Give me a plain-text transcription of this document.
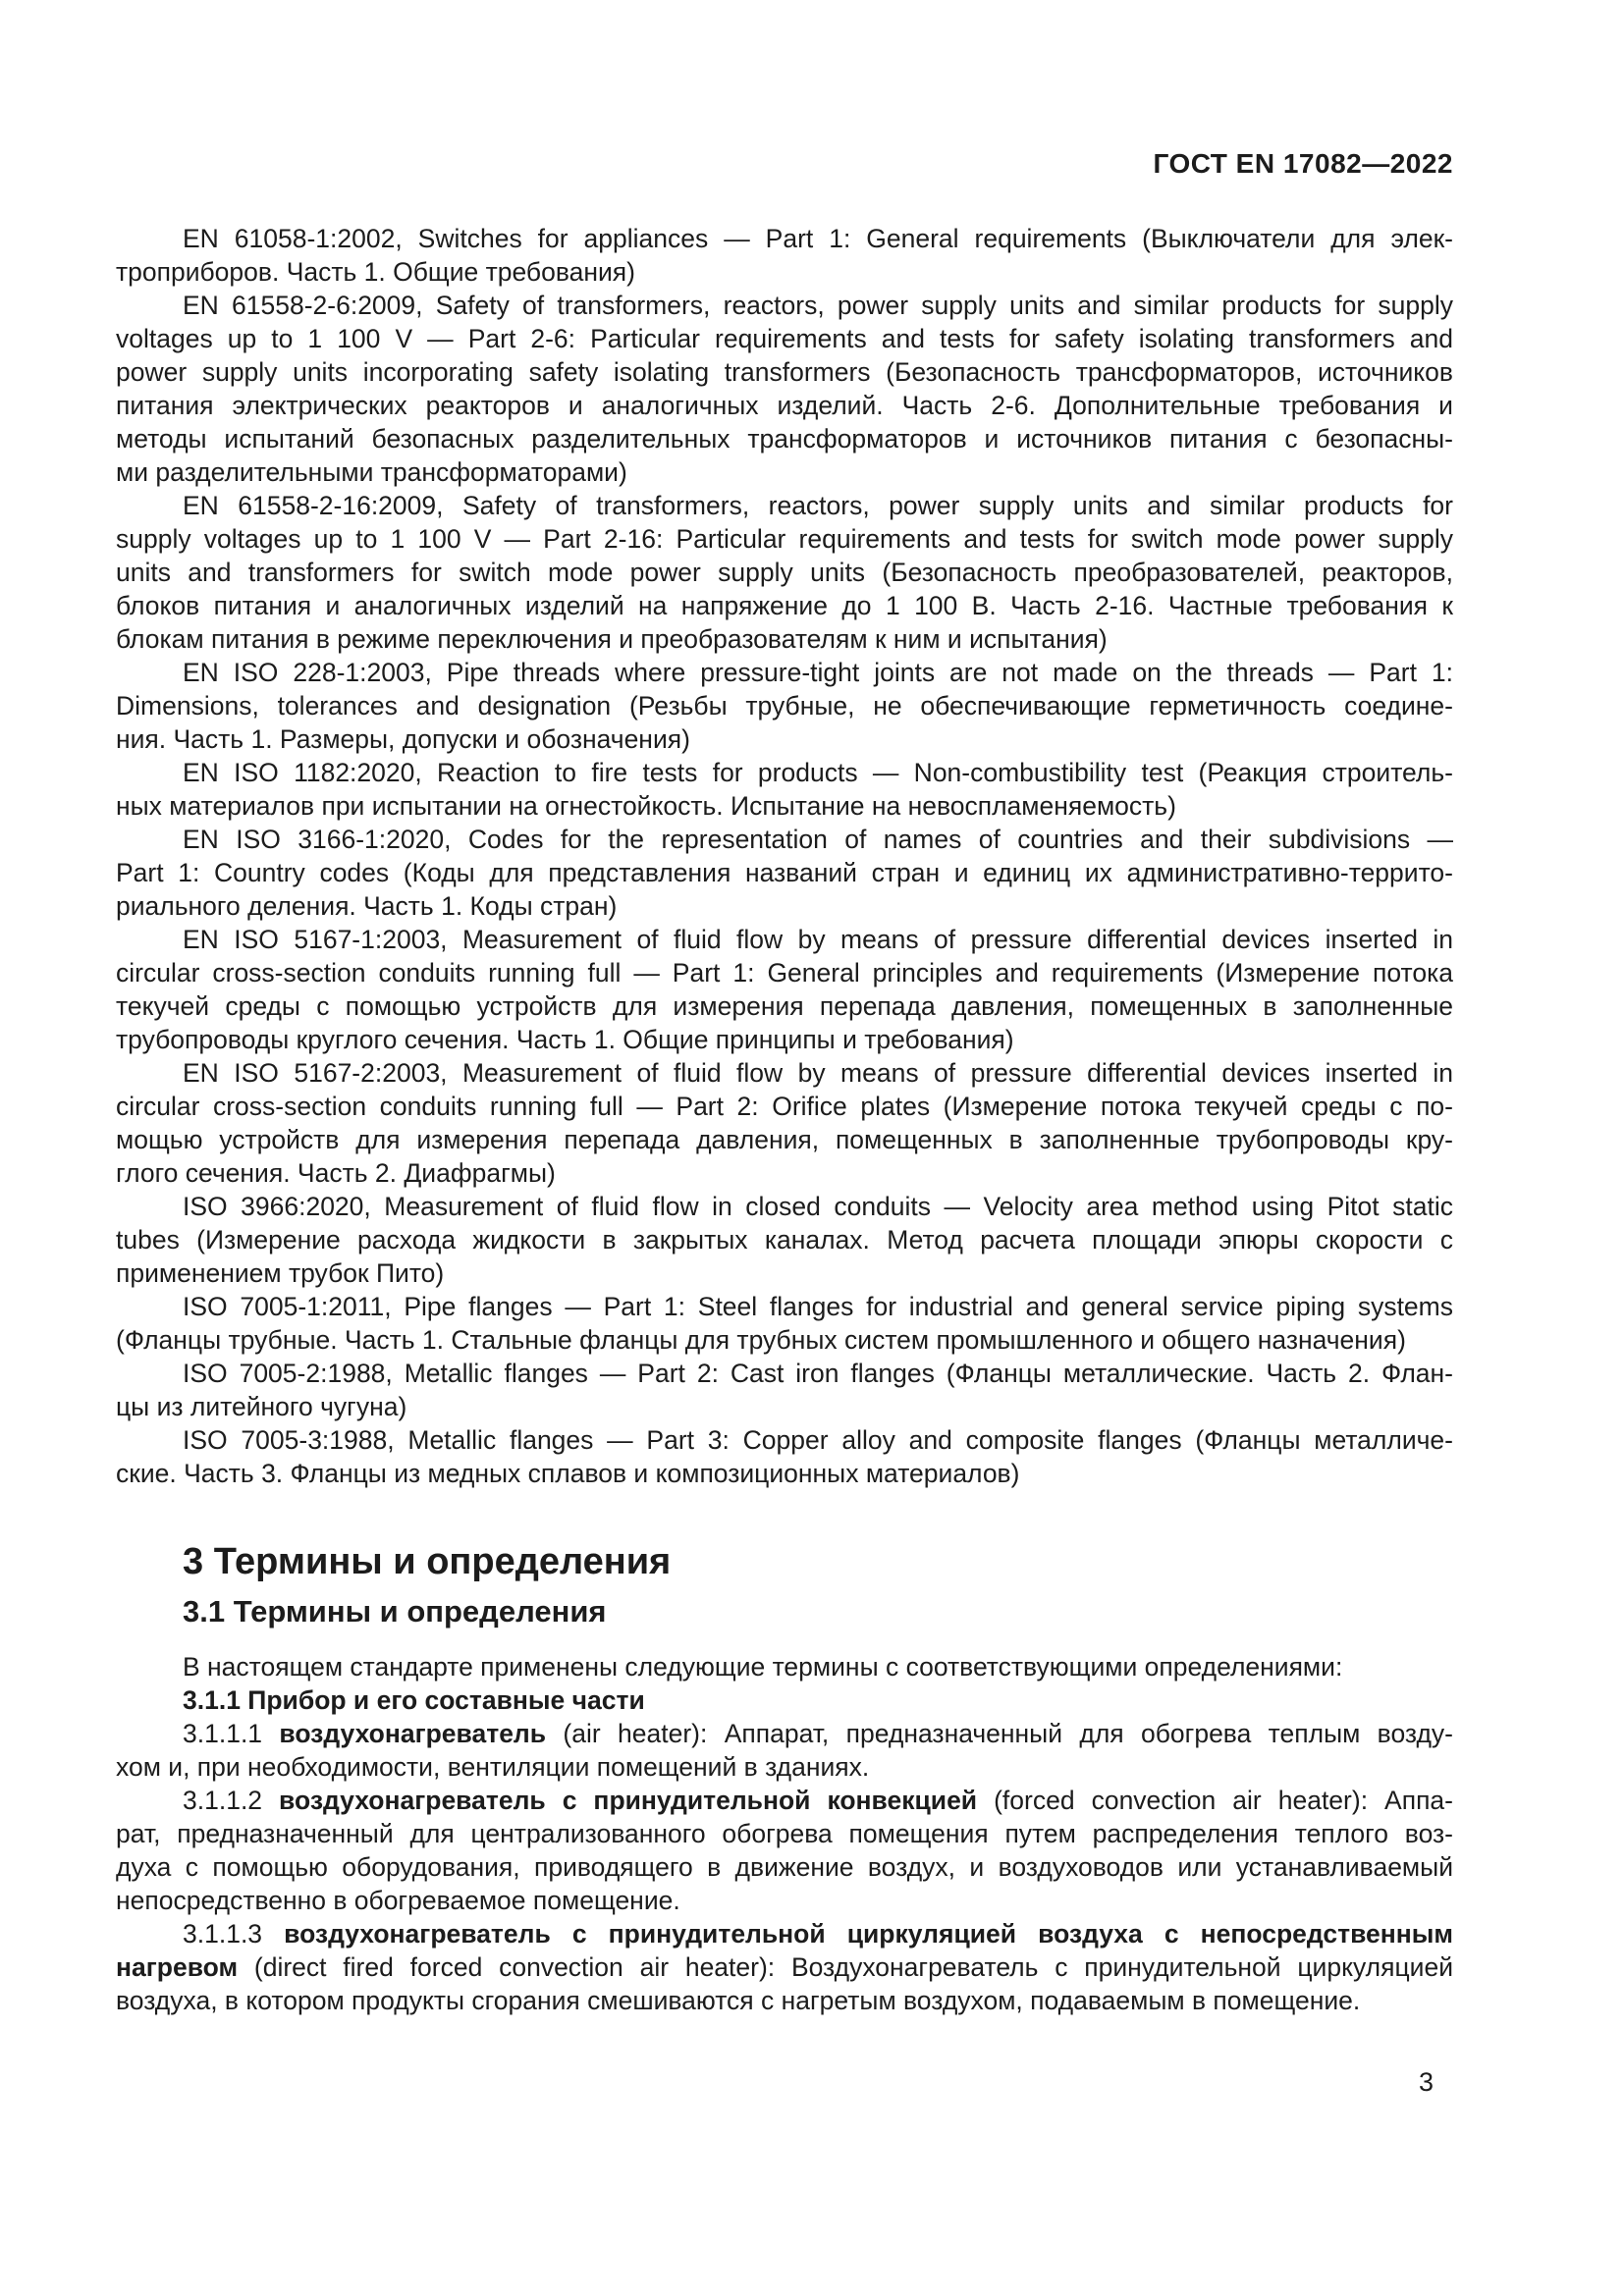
ГОСТ EN 17082—2022
EN 61058-1:2002, Switches for appliances — Part 1: General requirements (Выключатели для элек-
троприборов. Часть 1. Общие требования)
EN 61558-2-6:2009, Safety of transformers, reactors, power supply units and similar products for supply
voltages up to 1 100 V — Part 2-6: Particular requirements and tests for safety isolating transformers and
power supply units incorporating safety isolating transformers (Безопасность трансформаторов, источников
питания электрических реакторов и аналогичных изделий. Часть 2-6. Дополнительные требования и
методы испытаний безопасных разделительных трансформаторов и источников питания с безопасны-
ми разделительными трансформаторами)
EN 61558-2-16:2009, Safety of transformers, reactors, power supply units and similar products for
supply voltages up to 1 100 V — Part 2-16: Particular requirements and tests for switch mode power supply
units and transformers for switch mode power supply units (Безопасность преобразователей, реакторов,
блоков питания и аналогичных изделий на напряжение до 1 100 В. Часть 2-16. Частные требования к
блокам питания в режиме переключения и преобразователям к ним и испытания)
EN ISO 228-1:2003, Pipe threads where pressure-tight joints are not made on the threads — Part 1:
Dimensions, tolerances and designation (Резьбы трубные, не обеспечивающие герметичность соедине-
ния. Часть 1. Размеры, допуски и обозначения)
EN ISO 1182:2020, Reaction to fire tests for products — Non-combustibility test (Реакция строитель-
ных материалов при испытании на огнестойкость. Испытание на невоспламеняемость)
EN ISO 3166-1:2020, Codes for the representation of names of countries and their subdivisions —
Part 1: Country codes (Коды для представления названий стран и единиц их административно-террито-
риального деления. Часть 1. Коды стран)
EN ISO 5167-1:2003, Measurement of fluid flow by means of pressure differential devices inserted in
circular cross-section conduits running full — Part 1: General principles and requirements (Измерение потока
текучей среды с помощью устройств для измерения перепада давления, помещенных в заполненные
трубопроводы круглого сечения. Часть 1. Общие принципы и требования)
EN ISO 5167-2:2003, Measurement of fluid flow by means of pressure differential devices inserted in
circular cross-section conduits running full — Part 2: Orifice plates (Измерение потока текучей среды с по-
мощью устройств для измерения перепада давления, помещенных в заполненные трубопроводы кру-
глого сечения. Часть 2. Диафрагмы)
ISO 3966:2020, Measurement of fluid flow in closed conduits — Velocity area method using Pitot static
tubes (Измерение расхода жидкости в закрытых каналах. Метод расчета площади эпюры скорости с
применением трубок Пито)
ISO 7005-1:2011, Pipe flanges — Part 1: Steel flanges for industrial and general service piping systems
(Фланцы трубные. Часть 1. Стальные фланцы для трубных систем промышленного и общего назначения)
ISO 7005-2:1988, Metallic flanges — Part 2: Cast iron flanges (Фланцы металлические. Часть 2. Флан-
цы из литейного чугуна)
ISO 7005-3:1988, Metallic flanges — Part 3: Copper alloy and composite flanges (Фланцы металличе-
ские. Часть 3. Фланцы из медных сплавов и композиционных материалов)
3 Термины и определения
3.1 Термины и определения
В настоящем стандарте применены следующие термины с соответствующими определениями:
3.1.1 Прибор и его составные части
3.1.1.1 воздухонагреватель (air heater): Аппарат, предназначенный для обогрева теплым возду-
хом и, при необходимости, вентиляции помещений в зданиях.
3.1.1.2 воздухонагреватель с принудительной конвекцией (forced convection air heater): Аппа-
рат, предназначенный для централизованного обогрева помещения путем распределения теплого воз-
духа с помощью оборудования, приводящего в движение воздух, и воздуховодов или устанавливаемый
непосредственно в обогреваемое помещение.
3.1.1.3 воздухонагреватель с принудительной циркуляцией воздуха с непосредственным
нагревом (direct fired forced convection air heater): Воздухонагреватель с принудительной циркуляцией
воздуха, в котором продукты сгорания смешиваются с нагретым воздухом, подаваемым в помещение.
3
